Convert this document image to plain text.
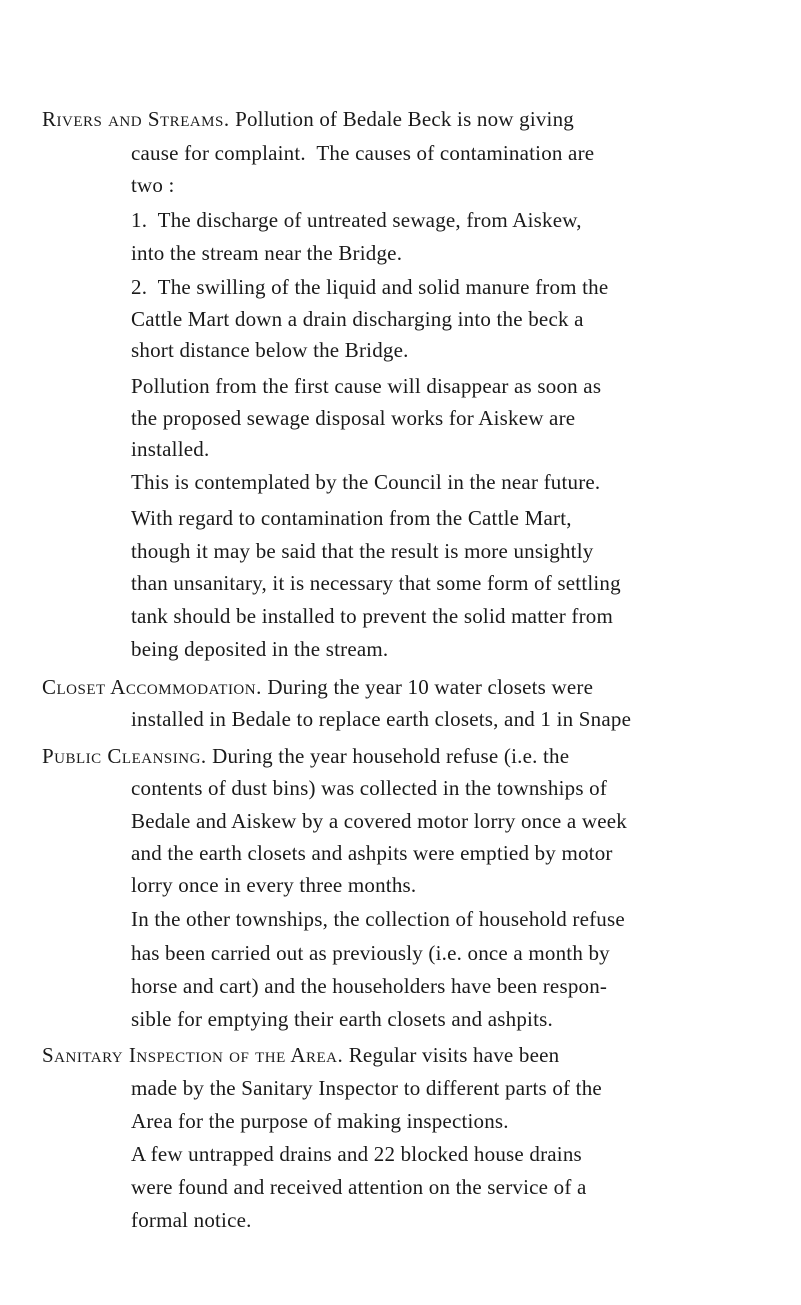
Rivers and Streams. Pollution of Bedale Beck is now giving
cause for complaint.  The causes of contamination are
two :
1.  The discharge of untreated sewage, from Aiskew,
into the stream near the Bridge.
2.  The swilling of the liquid and solid manure from the
Cattle Mart down a drain discharging into the beck a
short distance below the Bridge.
Pollution from the first cause will disappear as soon as
the proposed sewage disposal works for Aiskew are
installed.
This is contemplated by the Council in the near future.
With regard to contamination from the Cattle Mart,
though it may be said that the result is more unsightly
than unsanitary, it is necessary that some form of settling
tank should be installed to prevent the solid matter from
being deposited in the stream.
Closet Accommodation. During the year 10 water closets were
installed in Bedale to replace earth closets, and 1 in Snape
Public Cleansing. During the year household refuse (i.e. the
contents of dust bins) was collected in the townships of
Bedale and Aiskew by a covered motor lorry once a week
and the earth closets and ashpits were emptied by motor
lorry once in every three months.
In the other townships, the collection of household refuse
has been carried out as previously (i.e. once a month by
horse and cart) and the householders have been respon-
sible for emptying their earth closets and ashpits.
Sanitary Inspection of the Area. Regular visits have been
made by the Sanitary Inspector to different parts of the
Area for the purpose of making inspections.
A few untrapped drains and 22 blocked house drains
were found and received attention on the service of a
formal notice.
